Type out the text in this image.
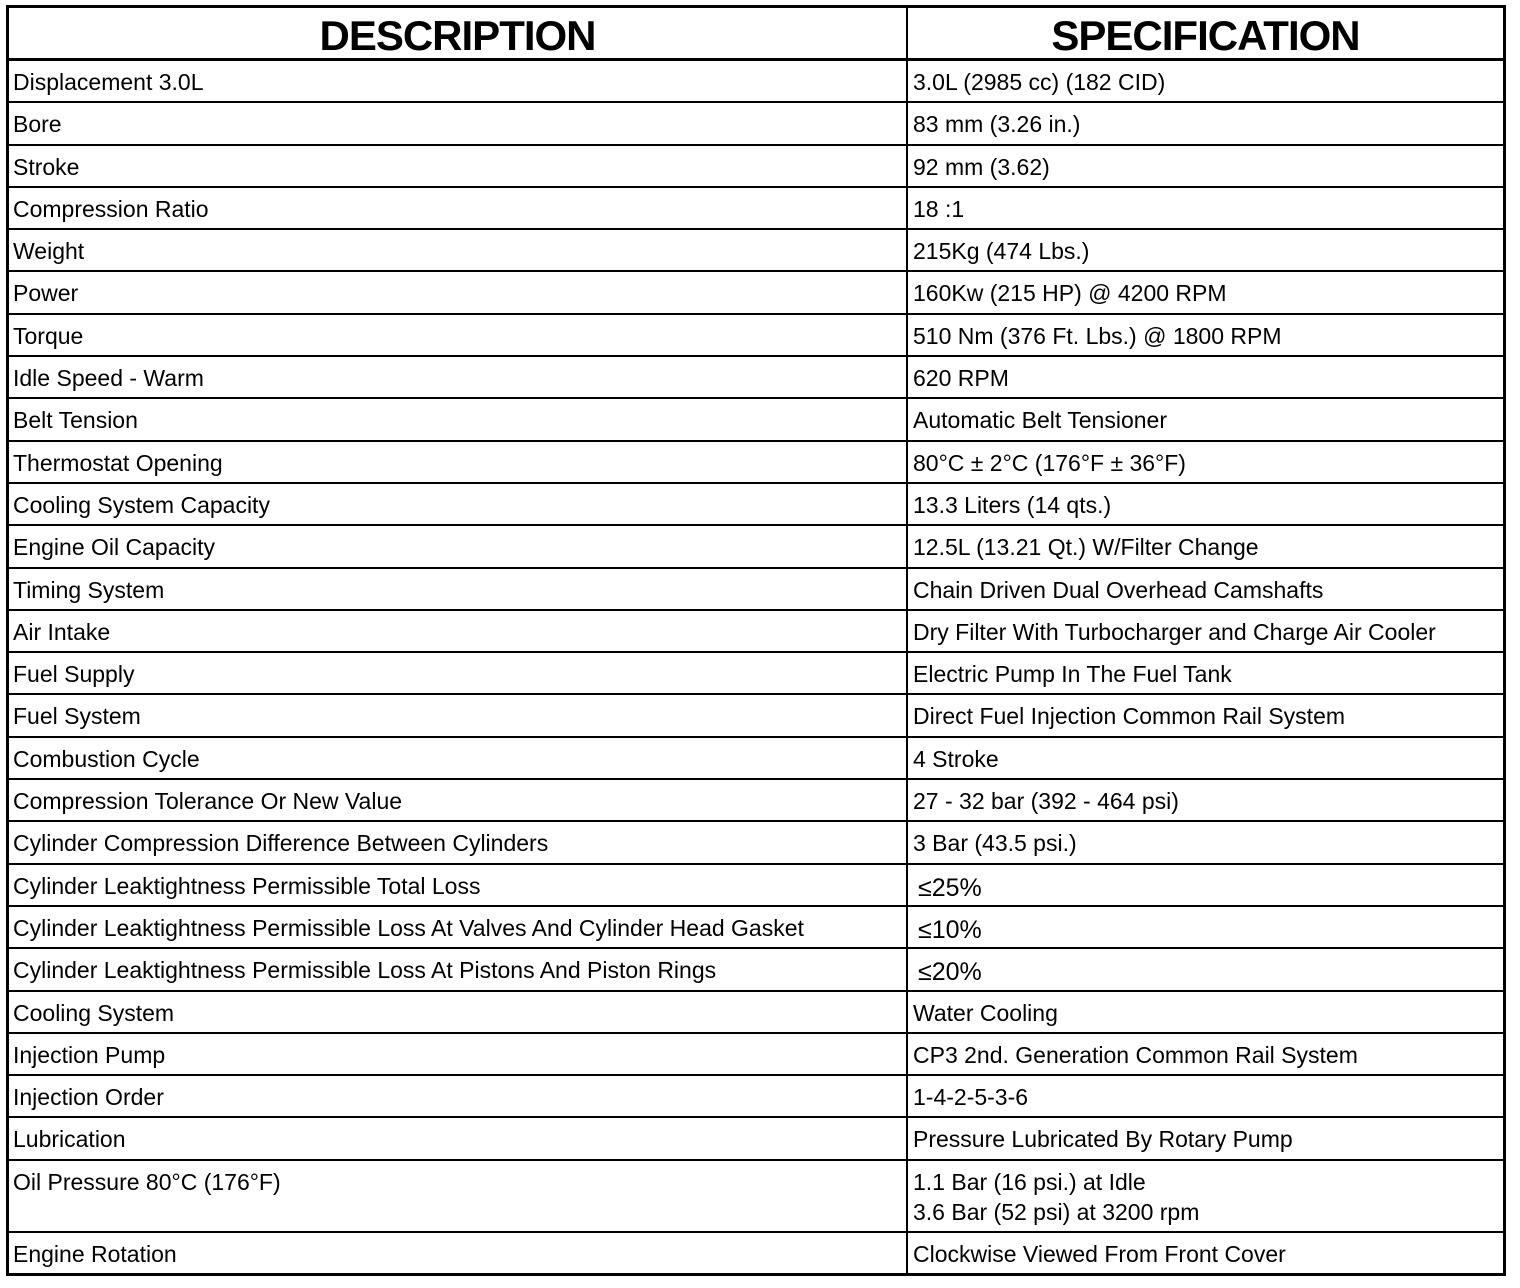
DESCRIPTION	SPECIFICATION
Displacement 3.0L	3.0L (2985 cc) (182 CID)
Bore	83 mm (3.26 in.)
Stroke	92 mm (3.62)
Compression Ratio	18 :1
Weight	215Kg (474 Lbs.)
Power	160Kw (215 HP) @ 4200 RPM
Torque	510 Nm (376 Ft. Lbs.) @ 1800 RPM
Idle Speed - Warm	620 RPM
Belt Tension	Automatic Belt Tensioner
Thermostat Opening	80°C ± 2°C (176°F ± 36°F)
Cooling System Capacity	13.3 Liters (14 qts.)
Engine Oil Capacity	12.5L (13.21 Qt.) W/Filter Change
Timing System	Chain Driven Dual Overhead Camshafts
Air Intake	Dry Filter With Turbocharger and Charge Air Cooler
Fuel Supply	Electric Pump In The Fuel Tank
Fuel System	Direct Fuel Injection Common Rail System
Combustion Cycle	4 Stroke
Compression Tolerance Or New Value	27 - 32 bar (392 - 464 psi)
Cylinder Compression Difference Between Cylinders	3 Bar (43.5 psi.)
Cylinder Leaktightness Permissible Total Loss	≤25%
Cylinder Leaktightness Permissible Loss At Valves And Cylinder Head Gasket	≤10%
Cylinder Leaktightness Permissible Loss At Pistons And Piston Rings	≤20%
Cooling System	Water Cooling
Injection Pump	CP3 2nd. Generation Common Rail System
Injection Order	1-4-2-5-3-6
Lubrication	Pressure Lubricated By Rotary Pump
Oil Pressure 80°C (176°F)	1.1 Bar (16 psi.) at Idle
3.6 Bar (52 psi) at 3200 rpm
Engine Rotation	Clockwise Viewed From Front Cover
